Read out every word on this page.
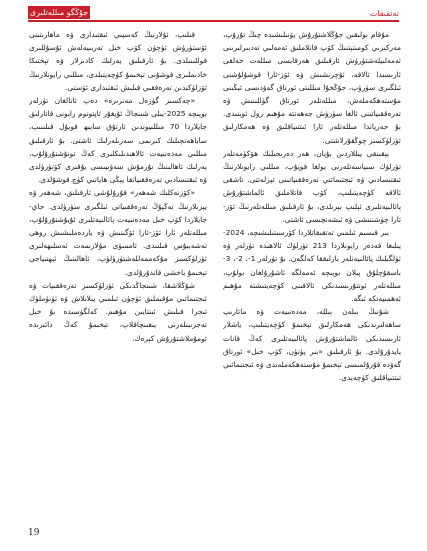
جۇڭگو مىللەتلىرى	تەتقىقات

مۇقام بولىقىن جۇڭلاشتۇرۇش يۆنىلىشىدە چىڭ تۇرۇپ، مەركىزىي كومىتېتنىڭ كۆپ قاتلاملىق ئەمەلىي تەدبىرلىرىنى ئەمەلىيلەشتۈرۈش ئارقىلىق ھەرقايسى مىللەت خەلقى ئارىسىدا ئالاقە، ئۇچرىشىش ۋە ئۆز-ئارا قوشۇلۇشنى ئىلگىرى سۈرۈپ، جۇڭخۇا مىللىتى ئورتاق گەۋدىسى ئېڭىنى مۇستەھكەملەش، مىللەتلەر ئورتاق گۈللىنىش ۋە تەرەققىياتىنى ئالغا سۈرۈش جەھەتتە مۇھىم رول ئوينىدى. بۇ جەرياندا مىللەتلەر ئارا ئىتتىپاقلىق ۋە ھەمكارلىق ئۈزلۈكسىز چوڭقۇرلاشتى.

يېقىنقى يىللاردىن بۇيان، ھەر دەرىجىلىك ھۆكۈمەتلەر تۈرلۈك سىياسەتلەرنى يولغا قويۇپ، مىللىي رايونلارنىڭ ئىقتىسادىي ۋە ئىجتىمائىي تەرەققىياتىنى تېزلەتتى. تاشقى ئالاقە كۈچەيتىلىپ، كۆپ قاتلاملىق ئالماشتۇرۇش پائالىيەتلىرى ئېلىپ بېرىلدى، بۇ ئارقىلىق مىللەتلەرنىڭ ئۆز-ئارا چۈشىنىشى ۋە ئىشەنچىسى ئاشتى.

بىر قىسىم ئىلمىي تەتقىقاتلاردا كۆرسىتىلىشىچە، 2024-يىلىغا قەدەر رايونلاردا 213 تۈرلۈك ئالاھىدە تۈرلەر ۋە ئۈلگىلىك پائالىيەتلەر بارلىققا كەلگەن. بۇ تۈرلەر 1-، 2-، 3-باسقۇچلۇق پىلان بويىچە ئەمەلگە ئاشۇرۇلغان بولۇپ، مىللەتلەر ئوتتۇرىسىدىكى ئالاقىنى كۈچەيتىشتە مۇھىم ئەھمىيەتكە ئىگە.

شۇنىڭ بىلەن بىللە، مەدەنىيەت ۋە مائارىپ ساھەلىرىدىكى ھەمكارلىق تېخىمۇ كۈچەيتىلىپ، ياشلار ئارىسىدىكى ئالماشتۇرۇش پائالىيەتلىرى كەڭ قانات يايدۇرۇلدى. بۇ ئارقىلىق «بىر پۈتۈن، كۆپ خىل» ئورتاق گەۋدە قۇرۇلمىسى تېخىمۇ مۇستەھكەملەندى ۋە ئىجتىمائىي ئىتتىپاقلىق كۈچەيدى.

قىلىپ، ئۇلارنىڭ كەسپىي ئىقتىدارى ۋە ماھارىتىنى ئۆستۈرۈش ئۈچۈن كۆپ خىل تەربىيەلەش ئۇسۇللىرى قوللىنىلدى. بۇ ئارقىلىق يەرلىك كادىرلار ۋە تېخنىكا خادىملىرى قوشۇنى تېخىمۇ كۈچەيتىلدى، مىللىي رايونلارنىڭ ئۆزلۈكىدىن تەرەققىي قىلىش ئىقتىدارى ئۆستى.

«چەكسىز گۈزەل مەنزىرە» دەپ ئاتالغان تۈرلەر بويىچە 2025-يىلى شىنجاڭ ئۇيغۇر ئاپتونوم رايونى قاتارلىق جايلاردا 70 مىللىيوندىن ئارتۇق سايىھ قوبۇل قىلىنىپ، ساياھەتچىلىك كىرىمى سەزىلەرلىك ئاشتى. بۇ ئارقىلىق مىللىي مەدەنىيەت ئالاھىدىلىكلىرى كەڭ تونۇشتۇرۇلۇپ، يەرلىك ئاھالىنىڭ تۇرمۇش سەۋىيىسى يۇقىرى كۆتۈرۈلدى ۋە ئىقتىسادىي تەرەققىياتقا يېڭى ھاياتىي كۈچ قوشۇلدى.

«كۆزنەكلىك شەھەر» قۇرۇلۇشى ئارقىلىق، شەھەر ۋە يېزىلارنىڭ تەڭپۇڭ تەرەققىياتى ئىلگىرى سۈرۈلدى. جاي-جايلاردا كۆپ خىل مەدەنىيەت پائالىيەتلىرى ئۇيۇشتۇرۇلۇپ، مىللەتلەر ئارا ئۆز-ئارا ئۆگىنىش ۋە ياردەملىشىش روھى تەشەببۇس قىلىندى. ئاممىۋى مۇلازىمەت ئەسلىھەلىرى ئۈزلۈكسىز مۇكەممەللەشتۈرۈلۈپ، ئاھالىنىڭ ئېھتىياجى تېخىمۇ ياخشى قاندۇرۇلدى.

شۇڭلاشقا، شىنجاڭدىكى ئۈزلۈكسىز تەرەققىيات ۋە ئىجتىمائىي مۇقىملىق ئۈچۈن ئىلمىي پىلانلاش ۋە ئۈنۈملۈك ئىجرا قىلىش ئىنتايىن مۇھىم. كەلگۈسىدە بۇ خىل تەجرىبىلەرنى يىغىنچاقلاپ، تېخىمۇ كەڭ دائىرىدە ئومۇملاشتۇرۇش كېرەك.

19
